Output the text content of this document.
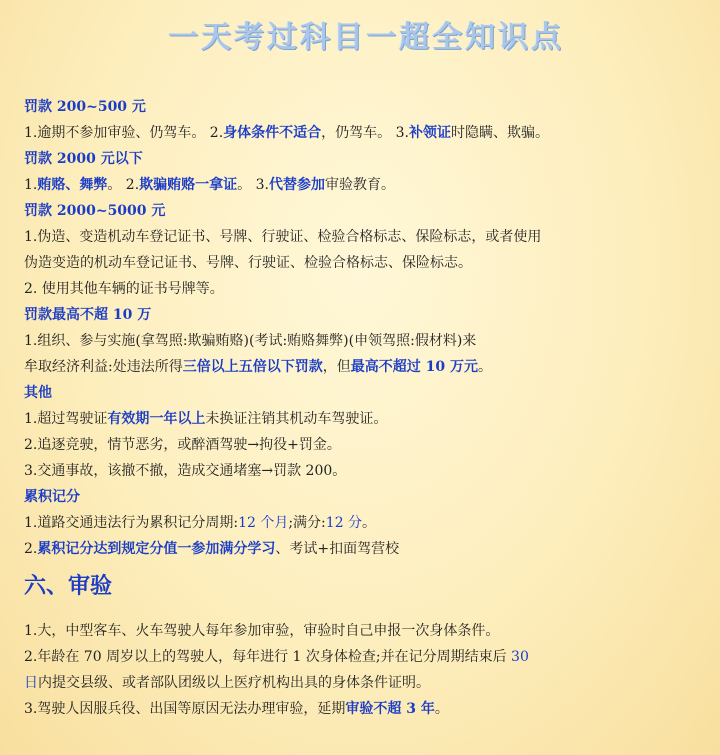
一天考过科目一超全知识点
罚款 200~500 元
1.逾期不参加审验、仍驾车。 2.身体条件不适合，仍驾车。 3.补领证时隐瞒、欺骗。
罚款 2000 元以下
1.贿赂、舞弊。 2.欺骗贿赂一拿证。 3.代替参加审验教育。
罚款 2000~5000 元
1.伪造、变造机动车登记证书、号牌、行驶证、检验合格标志、保险标志，或者使用
伪造变造的机动车登记证书、号牌、行驶证、检验合格标志、保险标志。
2. 使用其他车辆的证书号牌等。
罚款最高不超 10 万
1.组织、参与实施(拿驾照:欺骗贿赂)(考试:贿赂舞弊)(申领驾照:假材料)来
牟取经济利益:处违法所得三倍以上五倍以下罚款，但最高不超过 10 万元。
其他
1.超过驾驶证有效期一年以上未换证注销其机动车驾驶证。
2.追逐竞驶，情节恶劣，或醉酒驾驶→拘役+罚金。
3.交通事故，该撤不撤，造成交通堵塞→罚款 200。
累积记分
1.道路交通违法行为累积记分周期:12 个月;满分:12 分。
2.累积记分达到规定分值一参加满分学习、考试+扣面驾营校
六、审验
1.大，中型客车、火车驾驶人每年参加审验，审验时自己申报一次身体条件。
2.年龄在 70 周岁以上的驾驶人，每年进行 1 次身体检查;并在记分周期结束后 30
日内提交县级、或者部队团级以上医疗机构出具的身体条件证明。
3.驾驶人因服兵役、出国等原因无法办理审验，延期审验不超 3 年。
